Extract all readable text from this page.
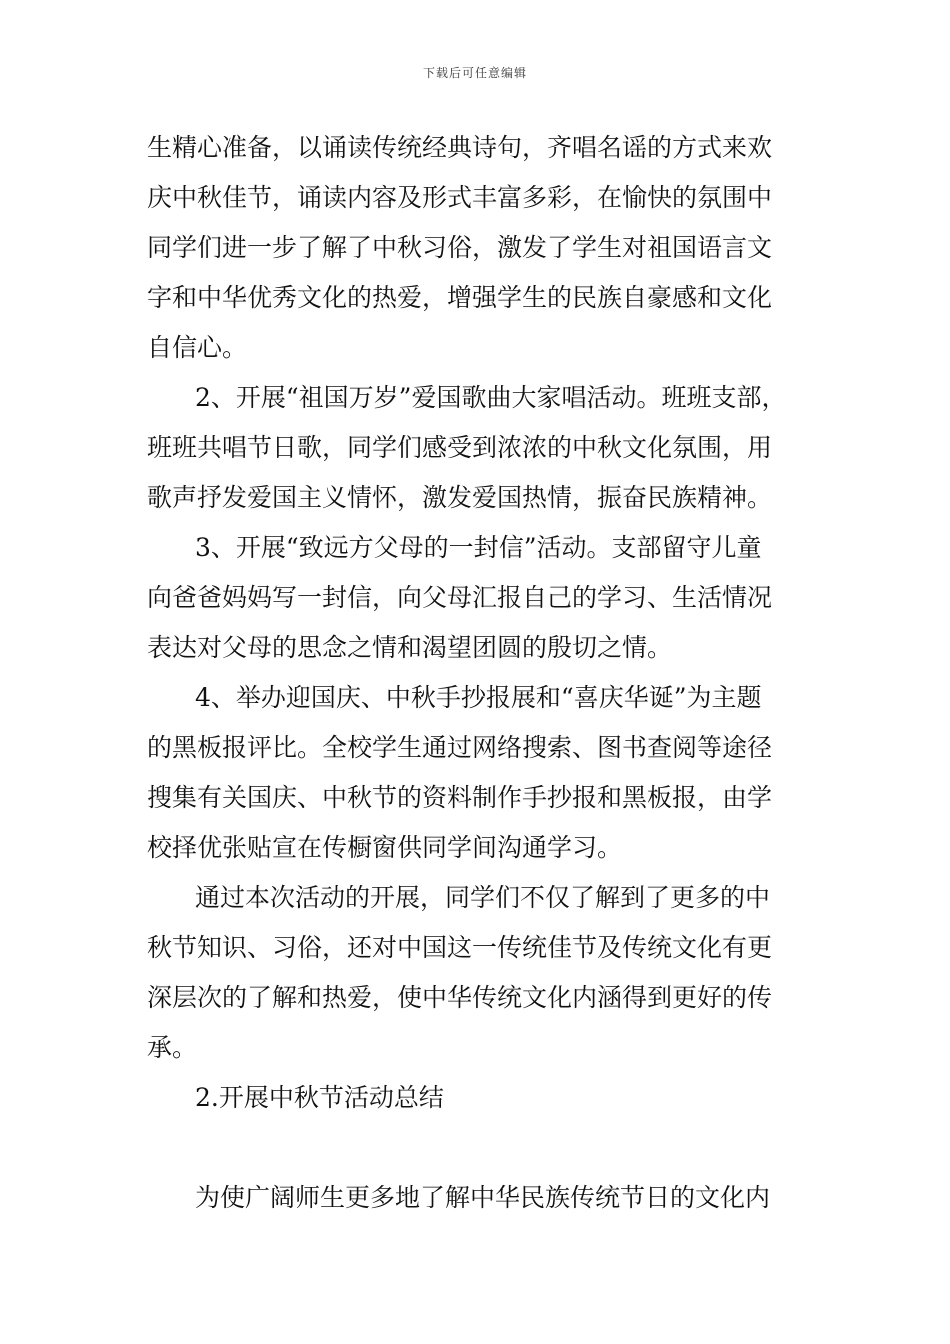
下载后可任意编辑
生精心准备，以诵读传统经典诗句，齐唱名谣的方式来欢
庆中秋佳节，诵读内容及形式丰富多彩，在愉快的氛围中
同学们进一步了解了中秋习俗，激发了学生对祖国语言文
字和中华优秀文化的热爱，增强学生的民族自豪感和文化
自信心。
2、开展“祖国万岁”爱国歌曲大家唱活动。班班支部，
班班共唱节日歌，同学们感受到浓浓的中秋文化氛围，用
歌声抒发爱国主义情怀，激发爱国热情，振奋民族精神。
3、开展“致远方父母的一封信”活动。支部留守儿童
向爸爸妈妈写一封信，向父母汇报自己的学习、生活情况
表达对父母的思念之情和渴望团圆的殷切之情。
4、举办迎国庆、中秋手抄报展和“喜庆华诞”为主题
的黑板报评比。全校学生通过网络搜索、图书查阅等途径
搜集有关国庆、中秋节的资料制作手抄报和黑板报，由学
校择优张贴宣在传橱窗供同学间沟通学习。
通过本次活动的开展，同学们不仅了解到了更多的中
秋节知识、习俗，还对中国这一传统佳节及传统文化有更
深层次的了解和热爱，使中华传统文化内涵得到更好的传
承。
2.开展中秋节活动总结
为使广阔师生更多地了解中华民族传统节日的文化内
